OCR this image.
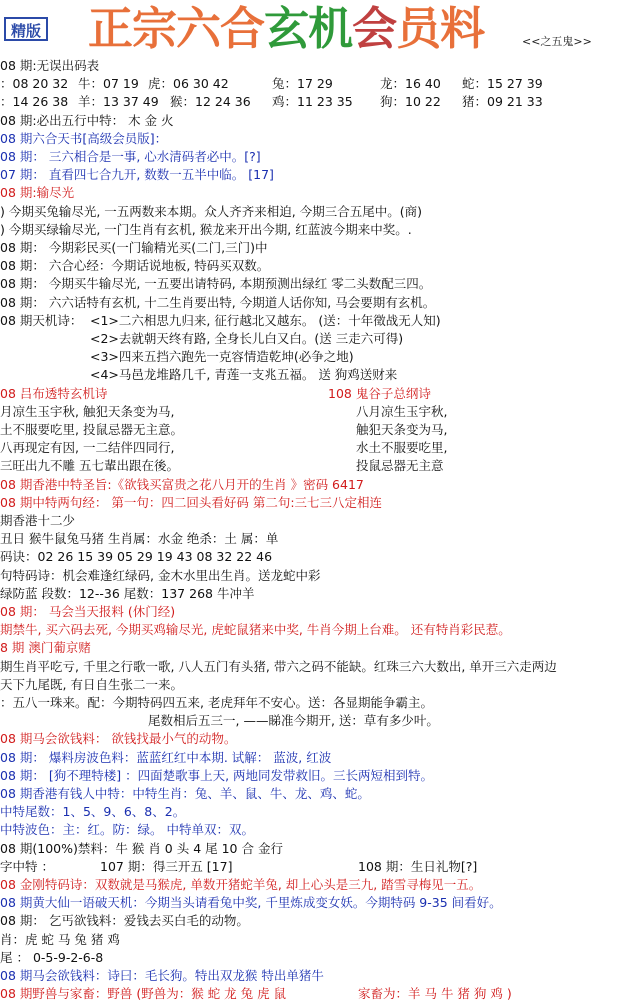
精版 正宗六合玄机会员料	<<之五鬼>>
08 期:无误出码表
：08 20 32 牛：07 19 虎：06 30 42	兔：17 29	龙：16 40 蛇：15 27 39
：14 26 38 羊：13 37 49 猴：12 24 36 鸡：11 23 35 狗：10 22 猪：09 21 33
08 期:必出五行中特： 木 金 火
08 期六合天书[高级会员版]：
08 期： 三六相合是一事, 心水清码者必中。[?]
07 期： 直看四七合九开, 数数一五半中临。 [17]
08 期:输尽光
) 今期买兔输尽光, 一五两数来本期。众人齐齐来相迫, 今期三合五尾中。(商)
) 今期买绿输尽光, 一门生肖有玄机, 猴龙来开出今期, 红蓝波今期来中奖。.
08 期： 今期彩民买(一门输精光买(二门,三门)中
08 期： 六合心经：今期话说地板, 特码买双数。
08 期： 今期买牛输尽光, 一五要出请特码, 本期预测出绿红 零二头数配三四。
08 期： 六六话特有玄机, 十二生肖要出特, 今期道人话你知, 马会要期有玄机。
08 期天机诗： <1>二六相思九归来, 征行越北又越东。 (送：十年徵战无人知)
<2>去就朝天终有路, 全身长儿白又白。(送 三走六可得)
<3>四来五挡六跑先一克容情造乾坤(必争之地)
<4>马邑龙堆路几千, 青莲一支兆五福。 送 狗鸡送财来
08 吕布透特玄机诗	108 鬼谷子总纲诗
月凉生玉宇秋, 触犯天条变为马,	八月凉生玉宇秋,
土不服要吃里, 投鼠忌器无主意。	触犯天条变为马,
八再现定有因, 一二结伴四同行,	水土不服要吃里,
三旺出九不雕 五七輩出跟在後。	投鼠忌器无主意
08 期香港中特圣旨:《欲钱买富贵之花八月开的生肖 》密码 6417
08 期中特两句经： 第一句：四二回头看好码 第二句:三七三八定相连
期香港十二少
丑日 猴牛鼠兔马猪 生肖属：水金 绝杀：土 属：单
码诀：02 26 15 39 05 29 19 43 08 32 22 46
句特码诗：机会难逢红绿码, 金木水里出生肖。送龙蛇中彩
绿防蓝 段数：12--36 尾数：137 268 牛冲羊
08 期： 马会当天报料 (休门经)
期禁牛, 买六码去死, 今期买鸡输尽光, 虎蛇鼠猪来中奖, 牛肖今期上台难。 还有特肖彩民惹。
8 期 澳门葡京赌
期生肖平吃亏, 千里之行歌一歌, 八人五门有头猪, 带六之码不能缺。红珠三六大数出, 单开三六走两边
天下九尾既, 有日自生张二一来。
：五八一珠来。配：今期特码四五来, 老虎拜年不安心。送：各显期能争霸主。
尾数相后五三一, ——睇准今期开, 送：草有多少叶。
08 期马会欲钱料： 欲钱找最小气的动物。
08 期： 爆料房波色料：蓝蓝红红中本期. 试解： 蓝波, 红波
08 期： [狗不理特楼] ：四面楚歌事上天, 两地同发带救旧。三长两短相到特。
08 期香港有钱人中特：中特生肖：兔、羊、鼠、牛、龙、鸡、蛇。
中特尾数：1、5、9、6、8、2。
中特波色：主：红。防：绿。 中特单双：双。
08 期(100%)禁料：牛 猴 肖 0 头 4 尾 10 合 金行
字中特 ：	107 期：得三开五 [17]	108 期：生日礼物[?]
08 金刚特码诗：双数就是马猴虎, 单数开猪蛇羊兔, 却上心头是三九, 踏雪寻梅见一五。
08 期黄大仙一语破天机：今期当头请看兔中奖, 千里炼成变女妖。今期特码 9-35 间看好。
08 期： 乞丐欲钱料：爱钱去买白毛的动物。
肖：虎 蛇 马 兔 猪 鸡
尾 ： 0-5-9-2-6-8
08 期马会欲钱料：诗曰：毛长狗。特出双龙猴 特出单猪牛
08 期野兽与家畜：野兽 (野兽为：猴 蛇 龙 兔 虎 鼠	家畜为：羊 马 牛 猪 狗 鸡 )
